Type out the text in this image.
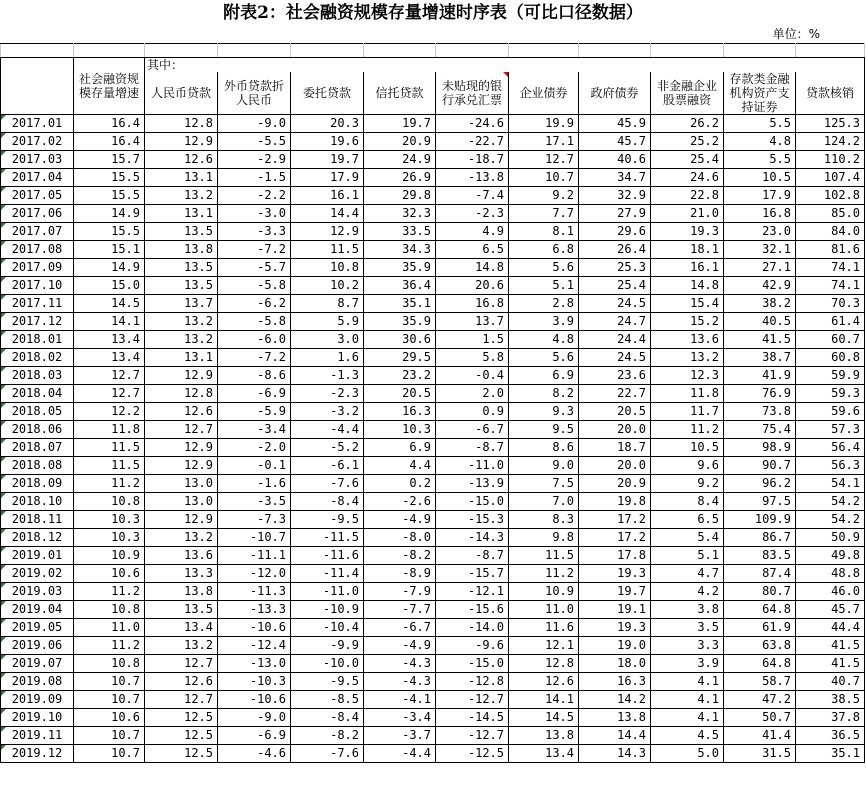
附表2：社会融资规模存量增速时序表（可比口径数据）
单位：%

	社会融资规模存量增速	其中：									
		人民币贷款	外币贷款折人民币	委托贷款	信托贷款	未贴现的银行承兑汇票	企业债券	政府债券	非金融企业股票融资	存款类金融机构资产支持证券	贷款核销
2017.01	16.4	12.8	-9.0	20.3	19.7	-24.6	19.9	45.9	26.2	5.5	125.3
2017.02	16.4	12.9	-5.5	19.6	20.9	-22.7	17.1	45.7	25.2	4.8	124.2
2017.03	15.7	12.6	-2.9	19.7	24.9	-18.7	12.7	40.6	25.4	5.5	110.2
2017.04	15.5	13.1	-1.5	17.9	26.9	-13.8	10.7	34.7	24.6	10.5	107.4
2017.05	15.5	13.2	-2.2	16.1	29.8	-7.4	9.2	32.9	22.8	17.9	102.8
2017.06	14.9	13.1	-3.0	14.4	32.3	-2.3	7.7	27.9	21.0	16.8	85.0
2017.07	15.5	13.5	-3.3	12.9	33.5	4.9	8.1	29.6	19.3	23.0	84.0
2017.08	15.1	13.8	-7.2	11.5	34.3	6.5	6.8	26.4	18.1	32.1	81.6
2017.09	14.9	13.5	-5.7	10.8	35.9	14.8	5.6	25.3	16.1	27.1	74.1
2017.10	15.0	13.5	-5.8	10.2	36.4	20.6	5.1	25.4	14.8	42.9	74.1
2017.11	14.5	13.7	-6.2	8.7	35.1	16.8	2.8	24.5	15.4	38.2	70.3
2017.12	14.1	13.2	-5.8	5.9	35.9	13.7	3.9	24.7	15.2	40.5	61.4
2018.01	13.4	13.2	-6.0	3.0	30.6	1.5	4.8	24.4	13.6	41.5	60.7
2018.02	13.4	13.1	-7.2	1.6	29.5	5.8	5.6	24.5	13.2	38.7	60.8
2018.03	12.7	12.9	-8.6	-1.3	23.2	-0.4	6.9	23.6	12.3	41.9	59.9
2018.04	12.7	12.8	-6.9	-2.3	20.5	2.0	8.2	22.7	11.8	76.9	59.3
2018.05	12.2	12.6	-5.9	-3.2	16.3	0.9	9.3	20.5	11.7	73.8	59.6
2018.06	11.8	12.7	-3.4	-4.4	10.3	-6.7	9.5	20.0	11.2	75.4	57.3
2018.07	11.5	12.9	-2.0	-5.2	6.9	-8.7	8.6	18.7	10.5	98.9	56.4
2018.08	11.5	12.9	-0.1	-6.1	4.4	-11.0	9.0	20.0	9.6	90.7	56.3
2018.09	11.2	13.0	-1.6	-7.6	0.2	-13.9	7.5	20.9	9.2	96.2	54.1
2018.10	10.8	13.0	-3.5	-8.4	-2.6	-15.0	7.0	19.8	8.4	97.5	54.2
2018.11	10.3	12.9	-7.3	-9.5	-4.9	-15.3	8.3	17.2	6.5	109.9	54.2
2018.12	10.3	13.2	-10.7	-11.5	-8.0	-14.3	9.8	17.2	5.4	86.7	50.9
2019.01	10.9	13.6	-11.1	-11.6	-8.2	-8.7	11.5	17.8	5.1	83.5	49.8
2019.02	10.6	13.3	-12.0	-11.4	-8.9	-15.7	11.2	19.3	4.7	87.4	48.8
2019.03	11.2	13.8	-11.3	-11.0	-7.9	-12.1	10.9	19.7	4.2	80.7	46.0
2019.04	10.8	13.5	-13.3	-10.9	-7.7	-15.6	11.0	19.1	3.8	64.8	45.7
2019.05	11.0	13.4	-10.6	-10.4	-6.7	-14.0	11.6	19.3	3.5	61.9	44.4
2019.06	11.2	13.2	-12.4	-9.9	-4.9	-9.6	12.1	19.0	3.3	63.8	41.5
2019.07	10.8	12.7	-13.0	-10.0	-4.3	-15.0	12.8	18.0	3.9	64.8	41.5
2019.08	10.7	12.6	-10.3	-9.5	-4.3	-12.8	12.6	16.3	4.1	58.7	40.7
2019.09	10.7	12.7	-10.6	-8.5	-4.1	-12.7	14.1	14.2	4.1	47.2	38.5
2019.10	10.6	12.5	-9.0	-8.4	-3.4	-14.5	14.5	13.8	4.1	50.7	37.8
2019.11	10.7	12.5	-6.9	-8.2	-3.7	-12.7	13.8	14.4	4.5	41.4	36.5
2019.12	10.7	12.5	-4.6	-7.6	-4.4	-12.5	13.4	14.3	5.0	31.5	35.1
